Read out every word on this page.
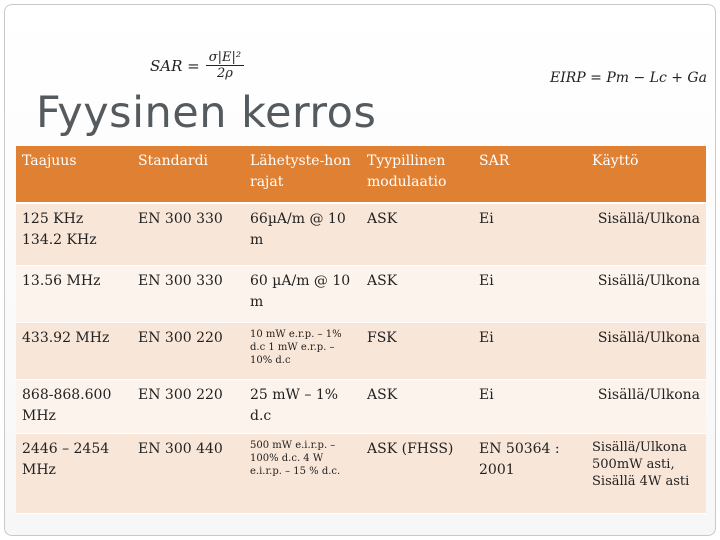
SAR = $\frac{\text{σ|E|²}}{2\rho}$	EIRP = Pт − Lc + Ga
Fyysinen kerros
Taajuus	Standardi	Lähetyste-hon rajat	Tyypillinen modulaatio	SAR	Käyttö
125 KHz 134.2 KHz	EN 300 330	66µA/m @ 10 m	ASK	Ei	Sisällä/Ulkona
13.56 MHz	EN 300 330	60 µA/m @ 10 m	ASK	Ei	Sisällä/Ulkona
433.92 MHz	EN 300 220	10 mW e.r.p. – 1% d.c 1 mW e.r.p. – 10% d.c	FSK	Ei	Sisällä/Ulkona
868-868.600 MHz	EN 300 220	25 mW – 1% d.c	ASK	Ei	Sisällä/Ulkona
2446 – 2454 MHz	EN 300 440	500 mW e.i.r.p. – 100% d.c. 4 W e.i.r.p. – 15 % d.c.	ASK (FHSS)	EN 50364 : 2001	Sisällä/Ulkona 500mW asti, Sisällä 4W asti
